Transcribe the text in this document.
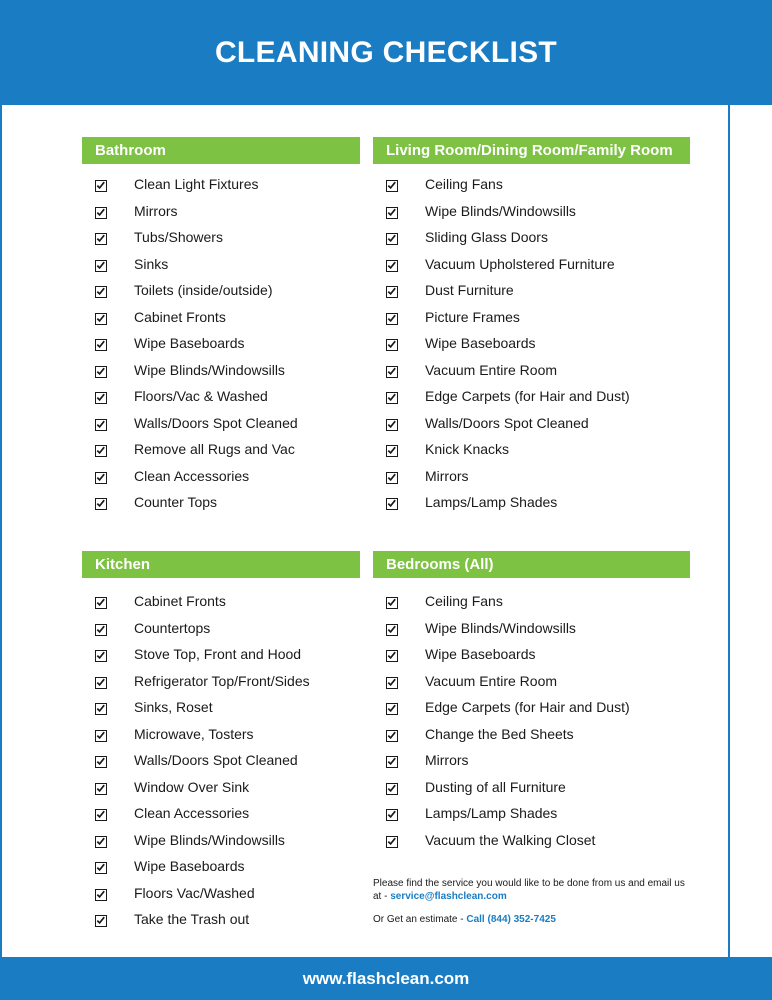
CLEANING CHECKLIST
Bathroom
Clean Light Fixtures
Mirrors
Tubs/Showers
Sinks
Toilets (inside/outside)
Cabinet Fronts
Wipe Baseboards
Wipe Blinds/Windowsills
Floors/Vac & Washed
Walls/Doors Spot Cleaned
Remove all Rugs and Vac
Clean Accessories
Counter Tops
Living Room/Dining Room/Family Room
Ceiling Fans
Wipe Blinds/Windowsills
Sliding Glass Doors
Vacuum Upholstered Furniture
Dust Furniture
Picture Frames
Wipe Baseboards
Vacuum Entire Room
Edge Carpets (for Hair and Dust)
Walls/Doors Spot Cleaned
Knick Knacks
Mirrors
Lamps/Lamp Shades
Kitchen
Cabinet Fronts
Countertops
Stove Top, Front and Hood
Refrigerator Top/Front/Sides
Sinks, Roset
Microwave, Tosters
Walls/Doors Spot Cleaned
Window Over Sink
Clean Accessories
Wipe Blinds/Windowsills
Wipe Baseboards
Floors Vac/Washed
Take the Trash out
Bedrooms (All)
Ceiling Fans
Wipe Blinds/Windowsills
Wipe Baseboards
Vacuum Entire Room
Edge Carpets (for Hair and Dust)
Change the Bed Sheets
Mirrors
Dusting of all Furniture
Lamps/Lamp Shades
Vacuum the Walking Closet
Please find the service you would like to be done from us and email us at - service@flashclean.com
Or Get an estimate - Call (844) 352-7425
www.flashclean.com
